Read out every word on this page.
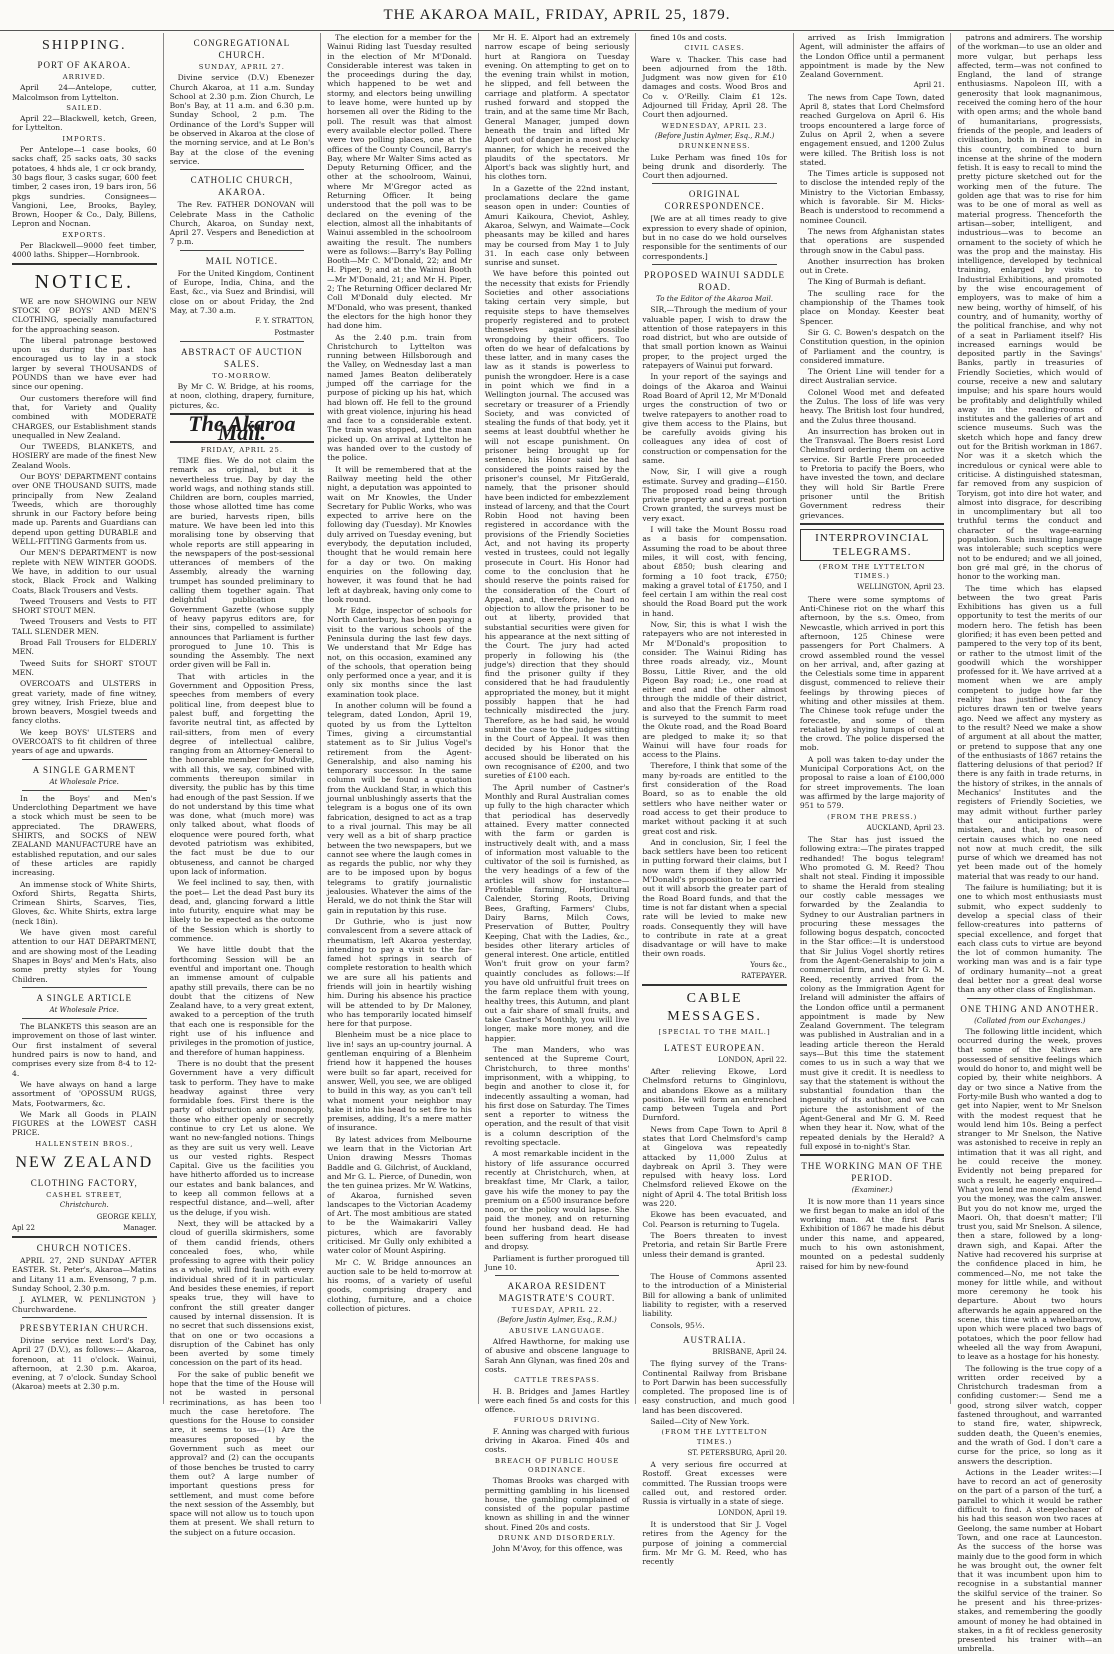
THE AKAROA MAIL, FRIDAY, APRIL 25, 1879.
SHIPPING.
PORT OF AKAROA.
ARRIVED.

April 24—Antelope, cutter, Malcolmson from Lyttelton.

SAILED.

April 22—Blackwell, ketch, Green, for Lyttelton.

IMPORTS.

Per Antelope—1 case books, 60 sacks chaff, 25 sacks oats, 30 sacks potatoes, 4 hhds ale, 1 cr ock brandy, 30 bags flour, 3 casks sugar, 600 feet timber, 2 cases iron, 19 bars iron, 56 pkgs sundries. Consignees—Vangioni, Lee, Brooks, Bayley, Brown, Hooper & Co., Daly, Billens, Lepron and Nocnan.

EXPORTS.

Per Blackwell—9000 feet timber, 4000 laths. Shipper—Hornbrook.

NOTICE.

WE are now SHOWING our NEW STOCK OF BOYS' AND MEN'S CLOTHING, specially manufactured for the approaching season.

The liberal patronage bestowed upon us during the past has encouraged us to lay in a stock larger by several THOUSANDS of POUNDS than we have ever had since our opening.

Our customers therefore will find that, for Variety and Quality combined with MODERATE CHARGES, our Establishment stands unequalled in New Zealand.

Our TWEEDS, BLANKETS, and HOSIERY are made of the finest New Zealand Wools.

Our BOYS' DEPARTMENT contains over ONE THOUSAND SUITS, made principally from New Zealand Tweeds, which are thoroughly shrunk in our Factory before being made up. Parents and Guardians can depend upon getting DURABLE and WELL-FITTING Garments from us.

Our MEN'S DEPARTMENT is now replete with NEW WINTER GOODS. We have, in addition to our usual stock, Black Frock and Walking Coats, Black Trousers and Vests.

Tweed Trousers and Vests to FIT SHORT STOUT MEN.

Tweed Trousers and Vests to FIT TALL SLENDER MEN.

Broad Fall Trousers for ELDERLY MEN.

Tweed Suits for SHORT STOUT MEN.

OVERCOATS and ULSTERS in great variety, made of fine witney, grey witney, Irish Frieze, blue and brown beavers, Mosgiel tweeds and fancy cloths.

We keep BOYS' ULSTERS and OVERCOATS to fit children of three years of age and upwards.

A SINGLE GARMENT
At Wholesale Price.

In the Boys' and Men's Underclothing Department we have a stock which must be seen to be appreciated. The DRAWERS, SHIRTS, and SOCKS of NEW ZEALAND MANUFACTURE have an established reputation, and our sales of these articles are rapidly increasing.

An immense stock of White Shirts, Oxford Shirts, Regatta Shirts, Crimean Shirts, Scarves, Ties, Gloves, &c. White Shirts, extra large (neck 18in).

We have given most careful attention to our HAT DEPARTMENT, and are showing most of the Leading Shapes in Boys' and Men's Hats, also some pretty styles for Young Children.

A SINGLE ARTICLE
At Wholesale Price.

The BLANKETS this season are an improvement on those of last winter. Our first instalment of several hundred pairs is now to hand, and comprises every size from 8-4 to 12-4.

We have always on hand a large assortment of 'OPOSSUM RUGS, Mats, Footwarmers, &c.

We Mark all Goods in PLAIN FIGURES at the LOWEST CASH PRICE.

HALLENSTEIN BROS.,
NEW ZEALAND
CLOTHING FACTORY,
CASHEL STREET,
Christchurch.
GEORGE KELLY,
Apl 22	Manager.
CHURCH NOTICES.

APRIL 27, 2ND SUNDAY AFTER EASTER. St. Peter's, Akaroa—Matins and Litany 11 a.m. Evensong, 7 p.m. Sunday School, 2.30 p.m.

J. AYLMER, W. PENLINGTON } Churchwardene.

PRESBYTERIAN CHURCH.

Divine service next Lord's Day, April 27 (D.V.), as follows:— Akaroa, forenoon, at 11 o'clock. Wainui, afternoon, at 2.30 p.m. Akaroa, evening, at 7 o'clock. Sunday School (Akaroa) meets at 2.30 p.m.

CONGREGATIONAL CHURCH.
SUNDAY, APRIL 27.

Divine service (D.V.) Ebenezer Church Akaroa, at 11 a.m. Sunday School at 2.30 p.m. Zion Church, Le Bon's Bay, at 11 a.m. and 6.30 p.m. Sunday School, 2 p.m. The Ordinance of the Lord's Supper will be observed in Akaroa at the close of the morning service, and at Le Bon's Bay at the close of the evening service.

CATHOLIC CHURCH, AKAROA.

The Rev. FATHER DONOVAN will Celebrate Mass in the Catholic Church, Akaroa, on Sunday next, April 27. Vespers and Benediction at 7 p.m.

MAIL NOTICE.

For the United Kingdom, Continent of Europe, India, China, and the East, &c., via Suez and Brindisi, will close on or about Friday, the 2nd May, at 7.30 a.m.

F. Y. STRATTON,
Postmaster
ABSTRACT OF AUCTION SALES.
TO-MORROW.

By Mr C. W. Bridge, at his rooms, at noon, clothing, drapery, furniture, pictures, &c.

The Akaroa Mail.
FRIDAY, APRIL 25.

TIME flies. We do not claim the remark as original, but it is nevertheless true. Day by day the world wags, and nothing stands still. Children are born, couples married, those whose allotted time has come are buried, harvests ripen, bills mature. We have been led into this moralising tone by observing that whole reports are still appearing in the newspapers of the post-sessional utterances of members of the Assembly, already the warning trumpet has sounded preliminary to calling them together again. That delightful publication the Government Gazette (whose supply of heavy papyrus editors are, for their sins, compelled to assimilate) announces that Parliament is further prorogued to June 10. This is sounding the Assembly. The next order given will be Fall in.

That with articles in the Government and Opposition Press, speeches from members of every political line, from deepest blue to palest buff, and forgetting the favorite neutral tint, as affected by rail-sitters, from men of every degree of intellectual calibre, ranging from an Attorney-General to the honorable member for Mudville, with all this, we say, combined with comments thereupon similar in diversity, the public has by this time had enough of the past Session. If we do not understand by this time what was done, what (much more) was only talked about, what floods of eloquence were poured forth, what devoted patriotism was exhibited, the fact must be due to our obtuseness, and cannot be charged upon lack of information.

We feel inclined to say, then, with the poet— Let the dead Past bury its dead, and, glancing forward a little into futurity, enquire what may be likely to be expected as the outcome of the Session which is shortly to commence.

We have little doubt that the forthcoming Session will be an eventful and important one. Though an immense amount of culpable apathy still prevails, there can be no doubt that the citizens of New Zealand have, to a very great extent, awaked to a perception of the truth that each one is responsible for the right use of his influence and privileges in the promotion of justice, and therefore of human happiness.

There is no doubt that the present Government have a very difficult task to perform. They have to make headway against three very formidable foes. First there is the party of obstruction and monopoly, those who either openly or secretly continue to cry Let us alone. We want no new-fangled notions. Things as they are suit us very well. Leave us our vested rights. Respect Capital. Give us the facilities you have hitherto afforded us to increase our estates and bank balances, and to keep all common fellows at a respectful distance, and—well, after us the deluge, if you wish.

Next, they will be attacked by a cloud of guerilla skirmishers, some of them candid friends, others concealed foes, who, while professing to agree with their policy as a whole, will find fault with every individual shred of it in particular. And besides these enemies, if report speaks true, they will have to confront the still greater danger caused by internal dissension. It is no secret that such dissensions exist, that on one or two occasions a disruption of the Cabinet has only been averted by some timely concession on the part of its head.

For the sake of public benefit we hope that the time of the House will not be wasted in personal recriminations, as has been too much the case heretofore. The questions for the House to consider are, it seems to us—(1) Are the measures proposed by the Government such as meet our approval? and (2) can the occupants of those benches be trusted to carry them out? A large number of important questions press for settlement, and must come before the next session of the Assembly, but space will not allow us to touch upon them at present. We shall return to the subject on a future occasion.

The election for a member for the Wainui Riding last Tuesday resulted in the election of Mr M'Donald. Considerable interest was taken in the proceedings during the day, which happened to be wet and stormy, and electors being unwilling to leave home, were hunted up by horsemen all over the Riding to the poll. The result was that almost every available elector polled. There were two polling places, one at the offices of the County Council, Barry's Bay, where Mr Walter Sims acted as Deputy Returning Officer, and the other at the schoolroom, Wainui, where Mr M'Gregor acted as Returning Officer. It being understood that the poll was to be declared on the evening of the election, almost all the inhabitants of Wainui assembled in the schoolroom awaiting the result. The numbers were as follows:—Barry's Bay Polling Booth—Mr C. M'Donald, 22; and Mr H. Piper, 9; and at the Wainui Booth—Mr M'Donald, 21; and Mr H. Piper, 2; The Returning Officer declared Mr Coll M'Donald duly elected. Mr M'Donald, who was present, thanked the electors for the high honor they had done him.

As the 2.40 p.m. train from Christchurch to Lyttelton was running between Hillsborough and the Valley, on Wednesday last a man named James Beaton deliberately jumped off the carriage for the purpose of picking up his hat, which had blown off. He fell to the ground with great violence, injuring his head and face to a considerable extent. The train was stopped, and the man picked up. On arrival at Lyttelton he was handed over to the custody of the police.

It will be remembered that at the Railway meeting held the other night, a deputation was appointed to wait on Mr Knowles, the Under Secretary for Public Works, who was expected to arrive here on the following day (Tuesday). Mr Knowles duly arrived on Tuesday evening, but everybody, the deputation included, thought that he would remain here for a day or two. On making enquiries on the following day, however, it was found that he had left at daybreak, having only come to look round.

Mr Edge, inspector of schools for North Canterbury, has been paying a visit to the various schools of the Peninsula during the last few days. We understand that Mr Edge has not, on this occasion, examined any of the schools, that operation being only performed once a year, and it is only six months since the last examination took place.

In another column will be found a telegram, dated London, April 19, quoted by us from the Lyttelton Times, giving a circumstantial statement as to Sir Julius Vogel's retirement from the Agent-Generalship, and also naming his temporary successor. In the same column will be found a quotation from the Auckland Star, in which this journal unblushingly asserts that the telegram is a bogus one of its own fabrication, designed to act as a trap to a rival journal. This may be all very well as a bit of sharp practice between the two newspapers, but we cannot see where the laugh comes in as regards the public, nor why they are to be imposed upon by bogus telegrams to gratify journalistic jealousies. Whatever the aims of the Herald, we do not think the Star will gain in reputation by this ruse.

Dr Guthrie, who is just now convalescent from a severe attack of rheumatism, left Akaroa yesterday, intending to pay a visit to the far-famed hot springs in search of complete restoration to health which we are sure all his patients and friends will join in heartily wishing him. During his absence his practice will be attended to by Dr Maloney, who has temporarily located himself here for that purpose.

Blenheim must be a nice place to live in! says an up-country journal. A gentleman enquiring of a Blenheim friend how it happened the houses were built so far apart, received for answer, Well, you see, we are obliged to build in this way, as you can't tell what moment your neighbor may take it into his head to set fire to his premises, adding, It's a mere matter of insurance.

By latest advices from Melbourne we learn that in the Victorian Art Union drawing Messrs Thomas Baddle and G. Gilchrist, of Auckland, and Mr G. L. Pierce, of Dunedin, won the ten guinea prizes. Mr W. Watkins, of Akaroa, furnished seven landscapes to the Victorian Academy of Art. The most ambitious are stated to be the Waimakariri Valley pictures, which are favorably criticised. Mr Gully only exhibited a water color of Mount Aspiring.

Mr C. W. Bridge announces an auction sale to be held to-morrow at his rooms, of a variety of useful goods, comprising drapery and clothing, furniture, and a choice collection of pictures.

Mr H. E. Alport had an extremely narrow escape of being seriously hurt at Rangiora on Tuesday evening. On attempting to get on to the evening train whilst in motion, he slipped, and fell between the carriage and platform. A spectator rushed forward and stopped the train, and at the same time Mr Bach, General Manager, jumped down beneath the train and lifted Mr Alport out of danger in a most plucky manner, for which he received the plaudits of the spectators. Mr Alport's back was slightly hurt, and his clothes torn.

In a Gazette of the 22nd instant, proclamations declare the game season open in under: Counties of Amuri Kaikoura, Cheviot, Ashley, Akaroa, Selwyn, and Waimate—Cock pheasants may be killed and hares may be coursed from May 1 to July 31. In each case only between sunrise and sunset.

We have before this pointed out the necessity that exists for Friendly Societies and other associations taking certain very simple, but requisite steps to have themselves properly registered and to protect themselves against possible wrongdoing by their officers. Too often do we hear of defalcations by these latter, and in many cases the law as it stands is powerless to punish the wrongdoer. Here is a case in point which we find in a Wellington journal. The accused was secretary or treasurer of a Friendly Society, and was convicted of stealing the funds of that body, yet it seems at least doubtful whether he will not escape punishment. On prisoner being brought up for sentence, his Honor said he had considered the points raised by the prisoner's counsel, Mr FitzGerald, namely, that the prisoner should have been indicted for embezzlement instead of larceny, and that the Court Robin Hood not having been registered in accordance with the provisions of the Friendly Societies Act, and not having its property vested in trustees, could not legally prosecute in Court. His Honor had come to the conclusion that he should reserve the points raised for the consideration of the Court of Appeal, and, therefore, he had no objection to allow the prisoner to be out at liberty, provided that substantial securities were given for his appearance at the next sitting of the Court. The jury had acted properly in following his (the judge's) direction that they should find the prisoner guilty if they considered that he had fraudulently appropriated the money, but it might possibly happen that he had technically misdirected the jury. Therefore, as he had said, he would submit the case to the judges sitting in the Court of Appeal. It was then decided by his Honor that the accused should be liberated on his own recognisance of £200, and two sureties of £100 each.

The April number of Castner's Monthly and Rural Australian comes up fully to the high character which that periodical has deservedly attained. Every matter connected with the farm or garden is instructively dealt with, and a mass of information most valuable to the cultivator of the soil is furnished, as the very headings of a few of the articles will show for instance—Profitable farming, Horticultural Calender, Storing Roots, Driving Bees, Grafting, Farmers' Clubs, Dairy Barns, Milch Cows, Preservation of Butter, Poultry Keeping, Chat with the Ladies, &c., besides other literary articles of general interest. One article, entitled Won't fruit grow on your farm? quaintly concludes as follows:—If you have old unfruitful fruit trees on the farm replace them with young, healthy trees, this Autumn, and plant out a fair share of small fruits, and take Castner's Monthly, you will live longer, make more money, and die happier.

The man Manders, who was sentenced at the Supreme Court, Christchurch, to three months' imprisonment, with a whipping, to begin and another to close it, for indecently assaulting a woman, had his first dose on Saturday. The Times sent a reporter to witness the operation, and the result of that visit is a column description of the revolting spectacle.

A most remarkable incident in the history of life assurance occurred recently at Christchurch, when, at breakfast time, Mr Clark, a tailor, gave his wife the money to pay the premium on a £500 insurance before noon, or the policy would lapse. She paid the money, and on returning found her husband dead. He had been suffering from heart disease and dropsy.

Parliament is further prorogued till June 10.

AKAROA RESIDENT MAGISTRATE'S COURT.
TUESDAY, APRIL 22.
(Before Justin Aylmer, Esq., R.M.)
ABUSIVE LANGUAGE.

Alfred Hawthorne, for making use of abusive and obscene language to Sarah Ann Glynan, was fined 20s and costs.

CATTLE TRESPASS.

H. B. Bridges and James Hartley were each fined 5s and costs for this offence.

FURIOUS DRIVING.

F. Anning was charged with furious driving in Akaroa. Fined 40s and costs.

BREACH OF PUBLIC HOUSE ORDINANCE.

Thomas Brooks was charged with permitting gambling in his licensed house, the gambling complained of consisted of the popular pastime known as shilling in and the winner shout. Fined 20s and costs.

DRUNK AND DISORDERLY.

John M'Avoy, for this offence, was

fined 10s and costs.

CIVIL CASES.

Ware v. Thacker. This case had been adjourned from the 18th. Judgment was now given for £10 damages and costs. Wood Bros and Co v. O'Reilly. Claim £1 12s. Adjourned till Friday, April 28. The Court then adjourned.

WEDNESDAY, APRIL 23.
(Before Justin Aylmer, Esq., R.M.)
DRUNKENNESS.

Luke Perham was fined 10s for being drunk and disorderly. The Court then adjourned.

ORIGINAL CORRESPONDENCE.

[We are at all times ready to give expression to every shade of opinion, but in no case do we hold ourselves responsible for the sentiments of our correspondents.]

PROPOSED WAINUI SADDLE ROAD.
To the Editor of the Akaroa Mail.

SIR,—Through the medium of your valuable paper, I wish to draw the attention of those ratepayers in this road district, but who are outside of that small portion known as Wainui proper, to the project urged the ratepayers of Wainui put forward.

In your report of the sayings and doings of the Akaroa and Wainui Road Board of April 12, Mr M'Donald urges the construction of two or twelve ratepayers to another road to give them access to the Plains, but be carefully avoids giving his colleagues any idea of cost of construction or compensation for the same.

Now, Sir, I will give a rough estimate. Survey and grading—£150. The proposed road being through private property and a great portion Crown granted, the surveys must be very exact.

I will take the Mount Bossu road as a basis for compensation. Assuming the road to be about three miles, it will cost, with fencing, about £850; bush clearing and forming a 10 foot track, £750; making a gravel total of £1750, and I feel certain I am within the real cost should the Road Board put the work in hand.

Now, Sir, this is what I wish the ratepayers who are not interested in Mr M'Donald's proposition to consider. The Wainui Riding has three roads already, viz., Mount Bossu, Little River, and the old Pigeon Bay road; i.e., one road at either end and the other almost through the middle of their district, and also that the French Farm road is surveyed to the summit to meet the Okute road, and the Road Board are pledged to make it; so that Wainui will have four roads for access to the Plains.

Therefore, I think that some of the many by-roads are entitled to the first consideration of the Road Board, so as to enable the old settlers who have neither water or road access to get their produce to market without packing it at such great cost and risk.

And in conclusion, Sir, I feel the back settlers have been too reticent in putting forward their claims, but I now warn them if they allow Mr M'Donald's proposition to be carried out it will absorb the greater part of the Road Board funds, and that the time is not far distant when a special rate will be levied to make new roads. Consequently they will have to contribute in rate at a great disadvantage or will have to make their own roads.

Yours &c.,
RATEPAYER.
CABLE MESSAGES.
[SPECIAL TO THE MAIL.]
LATEST EUROPEAN.
LONDON, April 22.

After relieving Ekowe, Lord Chelmsford returns to Ginginlovu, and abandons Ekowe as a military position. He will form an entrenched camp between Tugela and Port Durnford.

News from Cape Town to April 8 states that Lord Chelmsford's camp at Gingelova was repeatedly attacked by 11,000 Zulus at daybreak on April 3. They were repulsed with heavy loss. Lord Chelmsford relieved Ekowe on the night of April 4. The total British loss was 220.

Ekowe has been evacuated, and Col. Pearson is returning to Tugela.

The Boers threaten to invest Pretoria, and retain Sir Bartle Frere unless their demand is granted.

April 23.

The House of Commons assented to the introduction of a Ministerial Bill for allowing a bank of unlimited liability to register, with a reserved liability.

Consols, 95½.

AUSTRALIA.
BRISBANE, April 24.

The flying survey of the Trans-Continental Railway from Brisbane to Port Darwin has been successfully completed. The proposed line is of easy construction, and much good land has been discovered.

Sailed—City of New York.

(FROM THE LYTTELTON TIMES.)
ST. PETERSBURG, April 20.

A very serious fire occurred at Rostoff. Great excesses were committed. The Russian troops were called out, and restored order. Russia is virtually in a state of siege.

LONDON, April 19.

It is understood that Sir J. Vogel retires from the Agency for the purpose of joining a commercial firm. Mr Mr G. M. Reed, who has recently

arrived as Irish Immigration Agent, will administer the affairs of the London Office until a permanent appointment is made by the New Zealand Government.

April 21.

The news from Cape Town, dated April 8, states that Lord Chelmsford reached Gurgelova on April 6. His troops encountered a large force of Zulus on April 2, when a severe engagement ensued, and 1200 Zulus were killed. The British loss is not stated.

The Times article is supposed not to disclose the intended reply of the Ministry to the Victorian Embassy, which is favorable. Sir M. Hicks-Beach is understood to recommend a nominee Council.

The news from Afghanistan states that operations are suspended through snow in the Cabul pass.

Another insurrection has broken out in Crete.

The King of Burmah is defiant.

The sculling race for the championship of the Thames took place on Monday. Keester beat Spencer.

Sir G. C. Bowen's despatch on the Constitution question, in the opinion of Parliament and the country, is considered immature.

The Orient Line will tender for a direct Australian service.

Colonel Wood met and defeated the Zulus. The loss of life was very heavy. The British lost four hundred, and the Zulus three thousand.

An insurrection has broken out in the Transvaal. The Boers resist Lord Chelmsford ordering them on active service. Sir Bartle Frere proceeded to Pretoria to pacify the Boers, who have invested the town, and declare they will hold Sir Bartle Frere prisoner until the British Government redress their grievances.

INTERPROVINCIAL TELEGRAMS.
(FROM THE LYTTELTON TIMES.)
WELLINGTON, April 23.

There were some symptoms of Anti-Chinese riot on the wharf this afternoon, by the s.s. Omeo, from Newcastle, which arrived in port this afternoon, 125 Chinese were passengers for Port Chalmers. A crowd assembled round the vessel on her arrival, and, after gazing at the Celestials some time in apparent disgust, commenced to relieve their feelings by throwing pieces of whiting and other missiles at them. The Chinese took refuge under the forecastle, and some of them retaliated by shying lumps of coal at the crowd. The police dispersed the mob.

A poll was taken to-day under the Municipal Corporations Act, on the proposal to raise a loan of £100,000 for street improvements. The loan was affirmed by the large majority of 951 to 579.

(FROM THE PRESS.)
AUCKLAND, April 23.

The Star has just issued the following extra:—The pirates trapped redhanded! The bogus telegram! Who promoted G. M. Reed? Thou shalt not steal. Finding it impossible to shame the Herald from stealing our costly cable messages we forwarded by the Zealandia to Sydney to our Australian partners in procuring these messages the following bogus despatch, concocted in the Star office:—It is understood that Sir Julius Vogel shortly retires from the Agent-Generalship to join a commercial firm, and that Mr G. M. Reed, recently arrived from the colony as the Immigration Agent for Ireland will administer the affairs of the London office until a permanent appointment is made by New Zealand Government. The telegram was published in Australian and in a leading article thereon the Herald says—But this time the statement comes to us in such a way that we must give it credit. It is needless to say that the statement is without the substantial foundation than the ingenuity of its author, and we can picture the astonishment of the Agent-General and Mr G. M. Reed when they hear it. Now, what of the repeated denials by the Herald? A full exposé in to-night's Star.

THE WORKING MAN OF THE PERIOD.
(Examiner.)

It is now more than 11 years since we first began to make an idol of the working man. At the first Paris Exhibition of 1867 he made his début under this name, and appeared, much to his own astonishment, mounted on a pedestal suddenly raised for him by new-found

patrons and admirers. The worship of the workman—to use an older and more vulgar, but perhaps less affected, term—was not confined to England, the land of strange enthusiasms. Napoleon III, with a generosity that look magnanimous, received the coming hero of the hour with open arms; and the whole band of humanitarians, progressists, friends of the people, and leaders of civilisation, both in France and in this country, combined to burn incense at the shrine of the modern fetish. It is easy to recall to mind the pretty picture sketched out for the working men of the future. The golden age that was to rise for him was to be one of moral as well as material progress. Thenceforth the artisan—sober, intelligent, and industrious—was to become an ornament to the society of which he was the prop and the mainstay. His intelligence, developed by technical training, enlarged by visits to Industrial Exhibitions, and promoted by the wise encouragement of employers, was to make of him a new being, worthy of himself, of his country, and of humanity, worthy of the political franchise, and why not of a seat in Parliament itself? His increased earnings would be deposited partly in the Savings' Banks, partly in treasuries of Friendly Societies, which would of course, receive a new and salutary impulse; and his spare hours would be profitably and delightfully whiled away in the reading-rooms of institutes and the galleries of art and science museums. Such was the sketch which hope and fancy drew out for the British workman in 1867. Nor was it a sketch which the incredulous or cynical were able to criticise. A distinguished statesman, far removed from any suspicion of Toryism, got into dire hot water, and almost into disgrace, for describing in uncomplimentary but all too truthful terms the conduct and character of the wage-earning population. Such insulting language was intolerable; such sceptics were not to be endured; and we all joined, bon gré mal gré, in the chorus of honor to the working man.

The time which has elapsed between the two great Paris Exhibitions has given us a full opportunity to test the merits of our modern hero. The fetish has been glorified; it has even been petted and pampered to the very top of its bent, or rather to the utmost limit of the goodwill which the worshipper professed for it. We have arrived at a moment when we are amply competent to judge how far the reality has justified the fancy pictures drawn ten or twelve years ago. Need we affect any mystery as to the result? Need we make a show of argument at all about the matter, or pretend to suppose that any one of the enthusiasts of 1867 retains the flattering delusions of that period? If there is any faith in trade returns, in the history of strikes, in the annals of Mechanics' Institutes and the registers of Friendly Societies, we may admit without further parley that our anticipations were mistaken, and that, by reason of certain causes which no one need not now at much credit, the silk purse of which we dreamed has not yet been made out of the homely material that was ready to our hand.

The failure is humiliating; but it is one to which most enthusiasts must submit, who expect suddenly to develop a special class of their fellow-creatures into patterns of special excellence, and forget that each class cuts to virtue are beyond the lot of common humanity. The working man was and is a fair type of ordinary humanity—not a great deal better nor a great deal worse than any other class of Englishman.

ONE THING AND ANOTHER.
(Collated from our Exchanges.)

The following little incident, which occurred during the week, proves that some of the Natives are possessed of sensitive feelings which would do honor to, and might well be copied by, their white neighbors. A day or two since a Native from the Forty-mile Bush who wanted a dog to get into Napier, went to Mr Snelson with the modest request that he would lend him 10s. Being a perfect stranger to Mr Snelson, the Native was astonished to receive in reply an intimation that it was all right, and he could receive the money. Evidently not being prepared for such a result, he eagerly enquired—What you lend me money? Yes, I lend you the money, was the calm answer. But you do not know me, urged the Maori. Oh, that doesn't matter; I'll trust you, said Mr Snelson. A silence, then a stare, followed by a long-drawn sigh, and Kapai. After the Native had recovered his surprise at the confidence placed in him, he commenced—No, me not take the money for little while, and without more ceremony he took his departure. About two hours afterwards he again appeared on the scene, this time with a wheelbarrow, upon which were placed two bags of potatoes, which the poor fellow had wheeled all the way from Awapuni, to leave as a hostage for his honesty.

The following is the true copy of a written order received by a Christchurch tradesman from a confiding customer:— Send me a good, strong silver watch, copper fastened throughout, and warranted to stand fire, water, shipwreck, sudden death, the Queen's enemies, and the wrath of God. I don't care a curse for the price, so long as it answers the description.

Actions in the Leader writes:—I have to record an act of generosity on the part of a parson of the turf, a parallel to which it would be rather difficult to find. A steeplechaser of his had this season won two races at Geelong, the same number at Hobart Town, and one race at Launceston. As the success of the horse was mainly due to the good form in which he was brought out, the owner felt that it was incumbent upon him to recognise in a substantial manner the skilful service of the trainer. So he present and his three-prizes-stakes, and remembering the goodly amount of money he had obtained in stakes, in a fit of reckless generosity presented his trainer with—an umbrella.
